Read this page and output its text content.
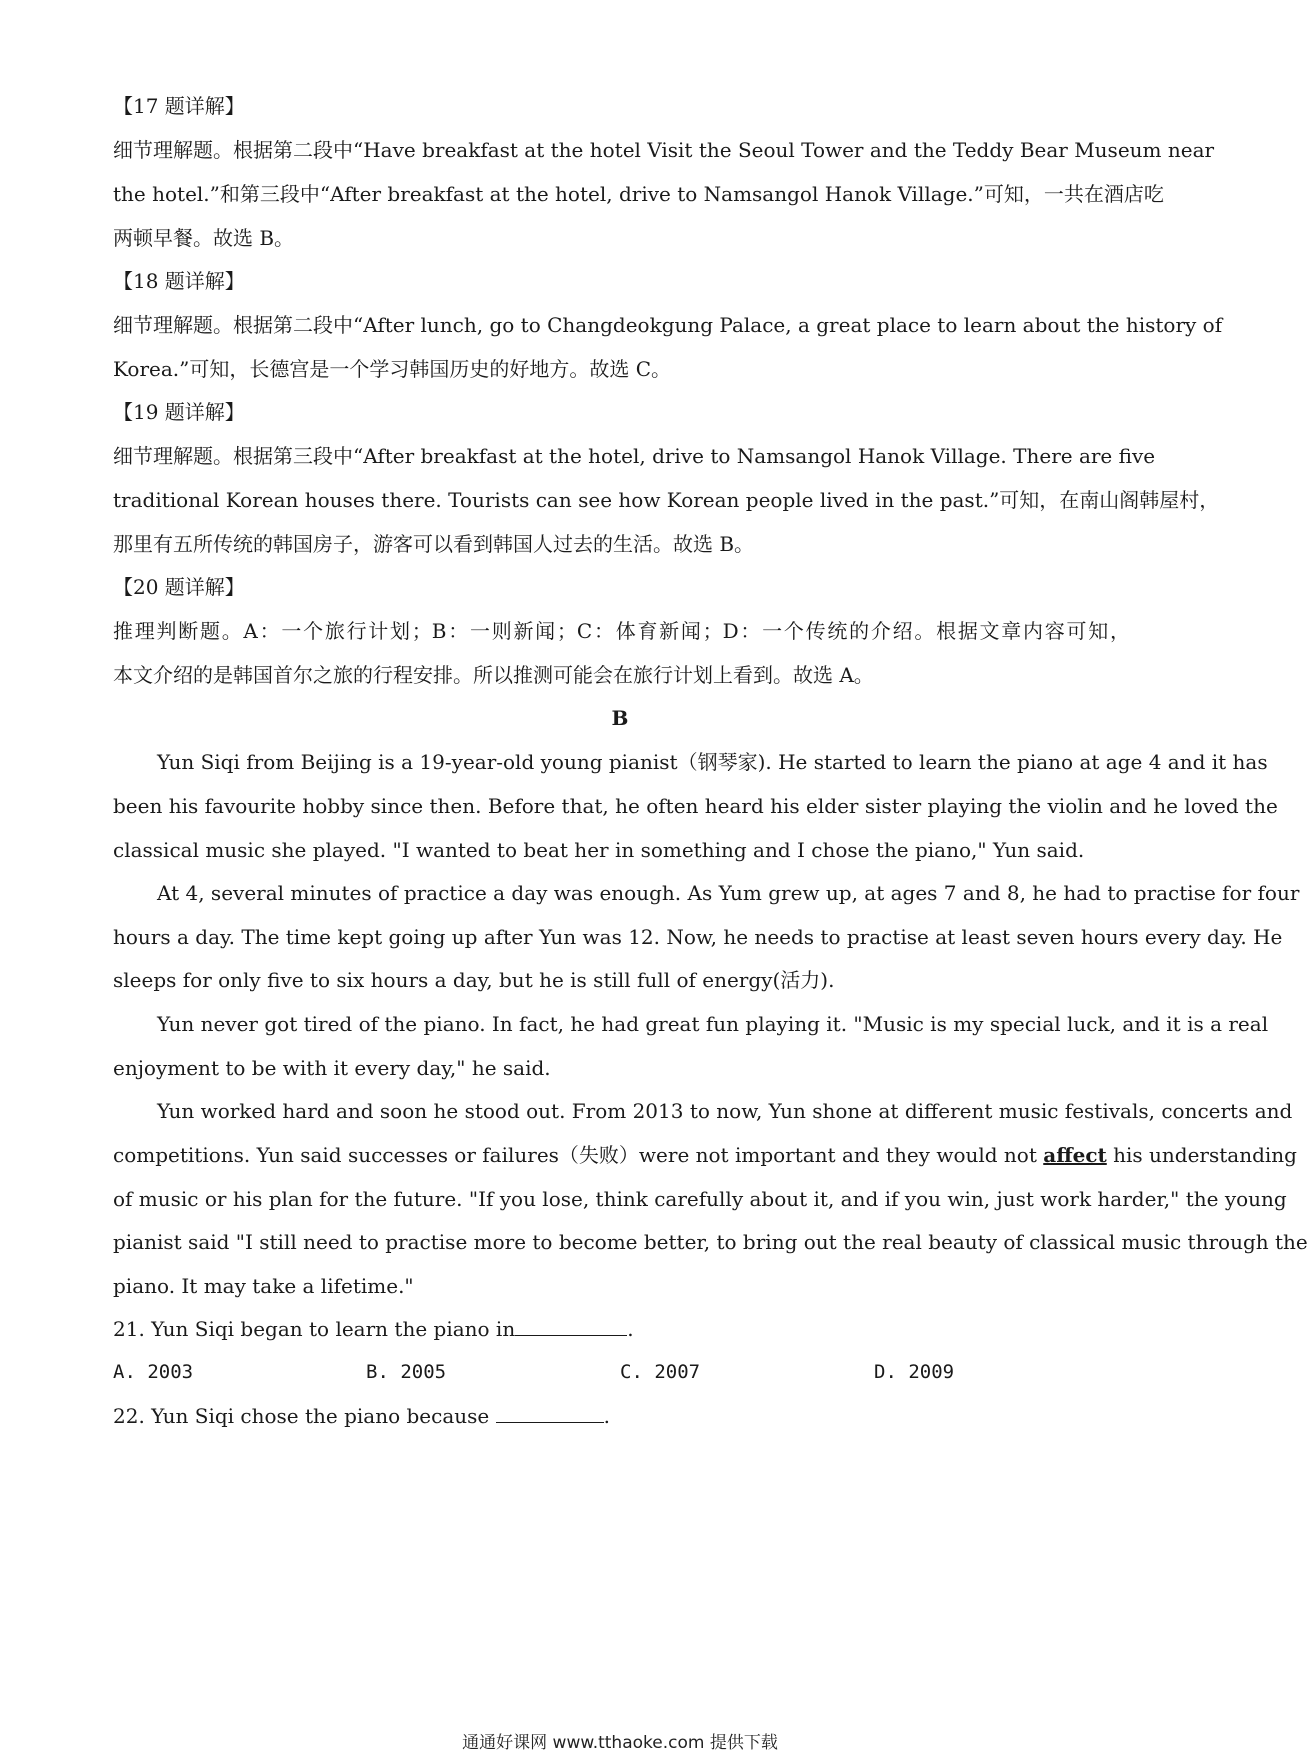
【17 题详解】
细节理解题。根据第二段中“Have breakfast at the hotel Visit the Seoul Tower and the Teddy Bear Museum near
the hotel.”和第三段中“After breakfast at the hotel, drive to Namsangol Hanok Village.”可知，一共在酒店吃
两顿早餐。故选 B。
【18 题详解】
细节理解题。根据第二段中“After lunch, go to Changdeokgung Palace, a great place to learn about the history of
Korea.”可知，长德宫是一个学习韩国历史的好地方。故选 C。
【19 题详解】
细节理解题。根据第三段中“After breakfast at the hotel, drive to Namsangol Hanok Village. There are five
traditional Korean houses there. Tourists can see how Korean people lived in the past.”可知，在南山阁韩屋村，
那里有五所传统的韩国房子，游客可以看到韩国人过去的生活。故选 B。
【20 题详解】
推理判断题。A：一个旅行计划；B：一则新闻；C：体育新闻；D：一个传统的介绍。根据文章内容可知，
本文介绍的是韩国首尔之旅的行程安排。所以推测可能会在旅行计划上看到。故选 A。
B
Yun Siqi from Beijing is a 19-year-old young pianist（钢琴家). He started to learn the piano at age 4 and it has
been his favourite hobby since then. Before that, he often heard his elder sister playing the violin and he loved the
classical music she played. "I wanted to beat her in something and I chose the piano," Yun said.
At 4, several minutes of practice a day was enough. As Yum grew up, at ages 7 and 8, he had to practise for four
hours a day. The time kept going up after Yun was 12. Now, he needs to practise at least seven hours every day. He
sleeps for only five to six hours a day, but he is still full of energy(活力).
Yun never got tired of the piano. In fact, he had great fun playing it. "Music is my special luck, and it is a real
enjoyment to be with it every day," he said.
Yun worked hard and soon he stood out. From 2013 to now, Yun shone at different music festivals, concerts and
competitions. Yun said successes or failures（失败）were not important and they would not affect his understanding
of music or his plan for the future. "If you lose, think carefully about it, and if you win, just work harder," the young
pianist said "I still need to practise more to become better, to bring out the real beauty of classical music through the
piano. It may take a lifetime."
21. Yun Siqi began to learn the piano in	.
A. 2003	B. 2005	C. 2007	D. 2009
22. Yun Siqi chose the piano because	.
通通好课网 www.tthaoke.com 提供下载
